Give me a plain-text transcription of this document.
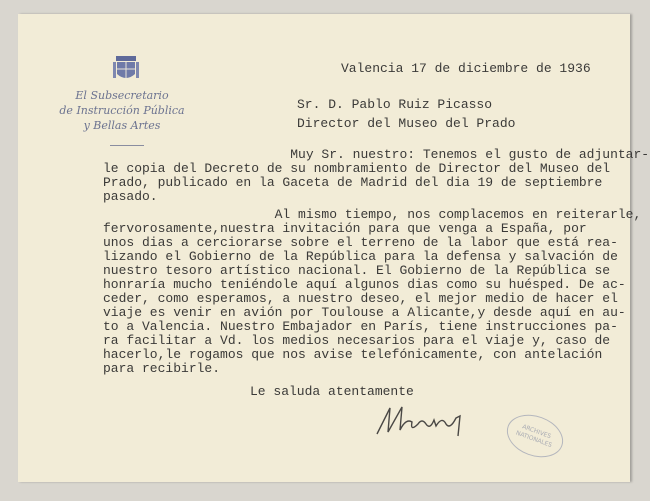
El Subsecretario
de Instrucción Pública
y Bellas Artes
Valencia 17 de diciembre de 1936
Sr. D. Pablo Ruiz Picasso
Director del Museo del Prado
Muy Sr. nuestro: Tenemos el gusto de adjuntar-
le copia del Decreto de su nombramiento de Director del Museo del
Prado, publicado en la Gaceta de Madrid del dia 19 de septiembre
pasado.
Al mismo tiempo, nos complacemos en reiterarle,
fervorosamente,nuestra invitación para que venga a España, por
unos dias a cerciorarse sobre el terreno de la labor que está rea-
lizando el Gobierno de la República para la defensa y salvación de
nuestro tesoro artístico nacional. El Gobierno de la República se
honraría mucho teniéndole aquí algunos dias como su huésped. De ac-
ceder, como esperamos, a nuestro deseo, el mejor medio de hacer el
viaje es venir en avión por Toulouse a Alicante,y desde aquí en au-
to a Valencia. Nuestro Embajador en París, tiene instrucciones pa-
ra facilitar a Vd. los medios necesarios para el viaje y, caso de
hacerlo,le rogamos que nos avise telefónicamente, con antelación
para recibirle.
Le saluda atentamente
ARCHIVES NATIONALES
